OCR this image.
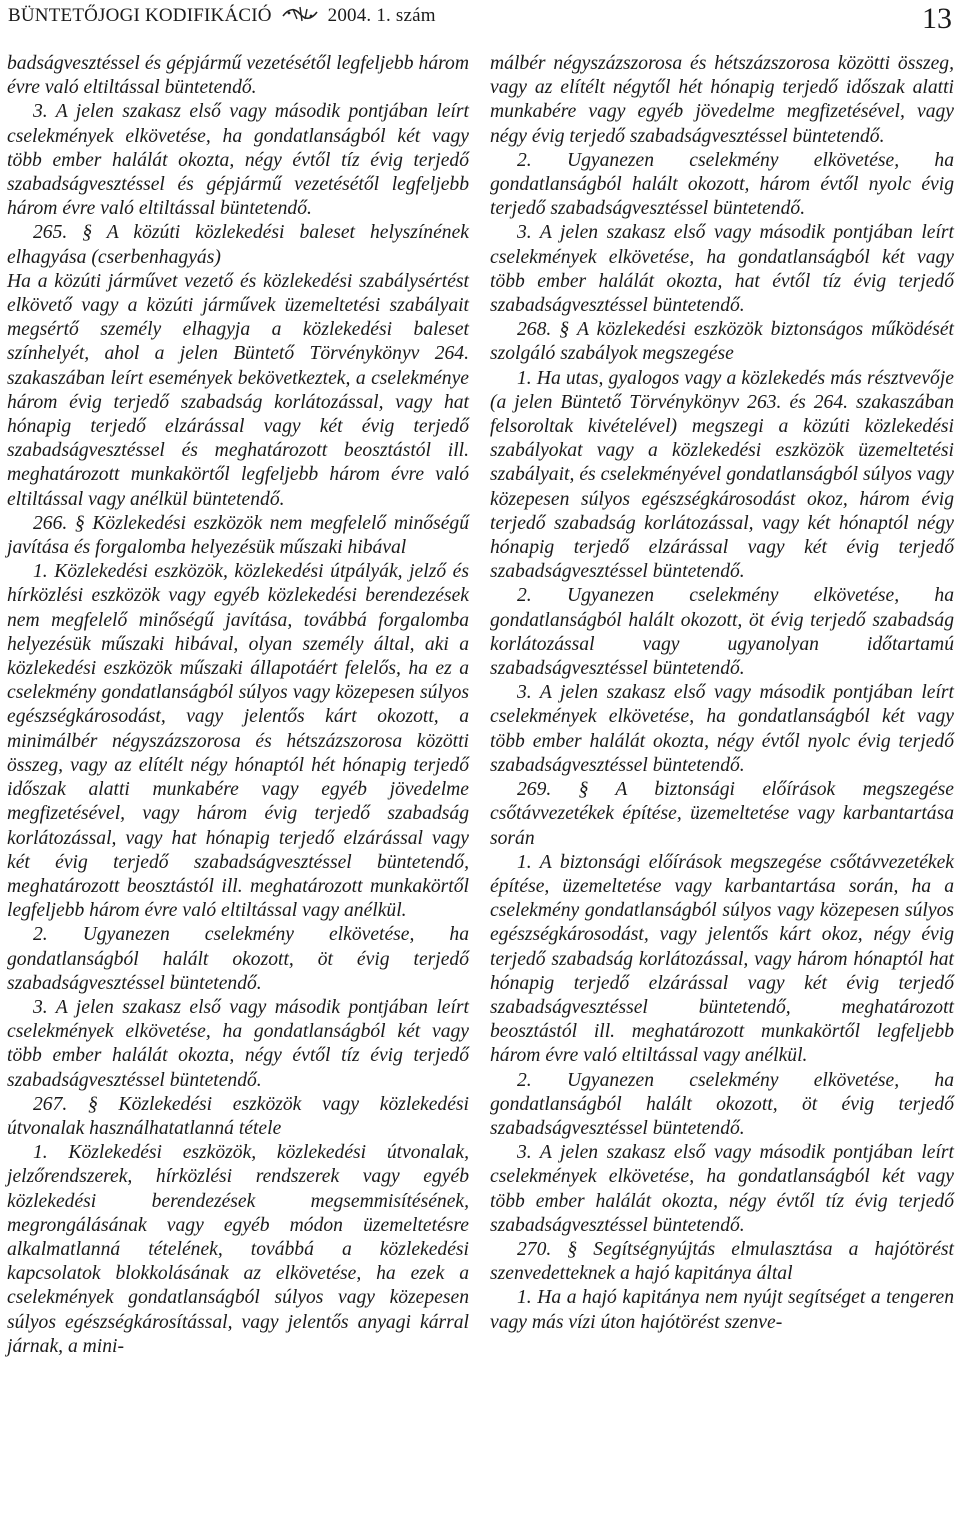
BÜNTETŐJOGI KODIFIKÁCIÓ	2004. 1. szám	13

badságvesztéssel és gépjármű vezetésétől legfeljebb három évre való eltiltással büntetendő.

3. A jelen szakasz első vagy második pontjában leírt cselekmények elkövetése, ha gondatlanságból két vagy több ember halálát okozta, négy évtől tíz évig terjedő szabadságvesztéssel és gépjármű vezetésétől legfeljebb három évre való eltiltással büntetendő.

265. § A közúti közlekedési baleset helyszínének elhagyása (cserbenhagyás)

Ha a közúti járművet vezető és közlekedési szabálysértést elkövető vagy a közúti járművek üzemeltetési szabályait megsértő személy elhagyja a közlekedési baleset színhelyét, ahol a jelen Büntető Törvénykönyv 264. szakaszában leírt események bekövetkeztek, a cselekménye három évig terjedő szabadság korlátozással, vagy hat hónapig terjedő elzárással vagy két évig terjedő szabadságvesztéssel és meghatározott beosztástól ill. meghatározott munkakörtől legfeljebb három évre való eltiltással vagy anélkül büntetendő.

266. § Közlekedési eszközök nem megfelelő minőségű javítása és forgalomba helyezésük műszaki hibával

1. Közlekedési eszközök, közlekedési útpályák, jelző és hírközlési eszközök vagy egyéb közlekedési berendezések nem megfelelő minőségű javítása, továbbá forgalomba helyezésük műszaki hibával, olyan személy által, aki a közlekedési eszközök műszaki állapotáért felelős, ha ez a cselekmény gondatlanságból súlyos vagy közepesen súlyos egészségkárosodást, vagy jelentős kárt okozott, a minimálbér négyszázszorosa és hétszázszorosa közötti összeg, vagy az elítélt négy hónaptól hét hónapig terjedő időszak alatti munkabére vagy egyéb jövedelme megfizetésével, vagy három évig terjedő szabadság korlátozással, vagy hat hónapig terjedő elzárással vagy két évig terjedő szabadságvesztéssel büntetendő, meghatározott beosztástól ill. meghatározott munkakörtől legfeljebb három évre való eltiltással vagy anélkül.

2. Ugyanezen cselekmény elkövetése, ha gondatlanságból halált okozott, öt évig terjedő szabadságvesztéssel büntetendő.

3. A jelen szakasz első vagy második pontjában leírt cselekmények elkövetése, ha gondatlanságból két vagy több ember halálát okozta, négy évtől tíz évig terjedő szabadságvesztéssel büntetendő.

267. § Közlekedési eszközök vagy közlekedési útvonalak használhatatlanná tétele

1. Közlekedési eszközök, közlekedési útvonalak, jelzőrendszerek, hírközlési rendszerek vagy egyéb közlekedési berendezések megsemmisítésének, megrongálásának vagy egyéb módon üzemeltetésre alkalmatlanná tételének, továbbá a közlekedési kapcsolatok blokkolásának az elkövetése, ha ezek a cselekmények gondatlanságból súlyos vagy közepesen súlyos egészségkárosítással, vagy jelentős anyagi kárral járnak, a mini-

málbér négyszázszorosa és hétszázszorosa közötti összeg, vagy az elítélt négytől hét hónapig terjedő időszak alatti munkabére vagy egyéb jövedelme megfizetésével, vagy négy évig terjedő szabadságvesztéssel büntetendő.

2. Ugyanezen cselekmény elkövetése, ha gondatlanságból halált okozott, három évtől nyolc évig terjedő szabadságvesztéssel büntetendő.

3. A jelen szakasz első vagy második pontjában leírt cselekmények elkövetése, ha gondatlanságból két vagy több ember halálát okozta, hat évtől tíz évig terjedő szabadságvesztéssel büntetendő.

268. § A közlekedési eszközök biztonságos működését szolgáló szabályok megszegése

1. Ha utas, gyalogos vagy a közlekedés más résztvevője (a jelen Büntető Törvénykönyv 263. és 264. szakaszában felsoroltak kivételével) megszegi a közúti közlekedési szabályokat vagy a közlekedési eszközök üzemeltetési szabályait, és cselekményével gondatlanságból súlyos vagy közepesen súlyos egészségkárosodást okoz, három évig terjedő szabadság korlátozással, vagy két hónaptól négy hónapig terjedő elzárással vagy két évig terjedő szabadságvesztéssel büntetendő.

2. Ugyanezen cselekmény elkövetése, ha gondatlanságból halált okozott, öt évig terjedő szabadság korlátozással vagy ugyanolyan időtartamú szabadságvesztéssel büntetendő.

3. A jelen szakasz első vagy második pontjában leírt cselekmények elkövetése, ha gondatlanságból két vagy több ember halálát okozta, négy évtől nyolc évig terjedő szabadságvesztéssel büntetendő.

269. § A biztonsági előírások megszegése csőtávvezetékek építése, üzemeltetése vagy karbantartása során

1. A biztonsági előírások megszegése csőtávvezetékek építése, üzemeltetése vagy karbantartása során, ha a cselekmény gondatlanságból súlyos vagy közepesen súlyos egészségkárosodást, vagy jelentős kárt okoz, négy évig terjedő szabadság korlátozással, vagy három hónaptól hat hónapig terjedő elzárással vagy két évig terjedő szabadságvesztéssel büntetendő, meghatározott beosztástól ill. meghatározott munkakörtől legfeljebb három évre való eltiltással vagy anélkül.

2. Ugyanezen cselekmény elkövetése, ha gondatlanságból halált okozott, öt évig terjedő szabadságvesztéssel büntetendő.

3. A jelen szakasz első vagy második pontjában leírt cselekmények elkövetése, ha gondatlanságból két vagy több ember halálát okozta, négy évtől tíz évig terjedő szabadságvesztéssel büntetendő.

270. § Segítségnyújtás elmulasztása a hajótörést szenvedetteknek a hajó kapitánya által

1. Ha a hajó kapitánya nem nyújt segítséget a tengeren vagy más vízi úton hajótörést szenve-
